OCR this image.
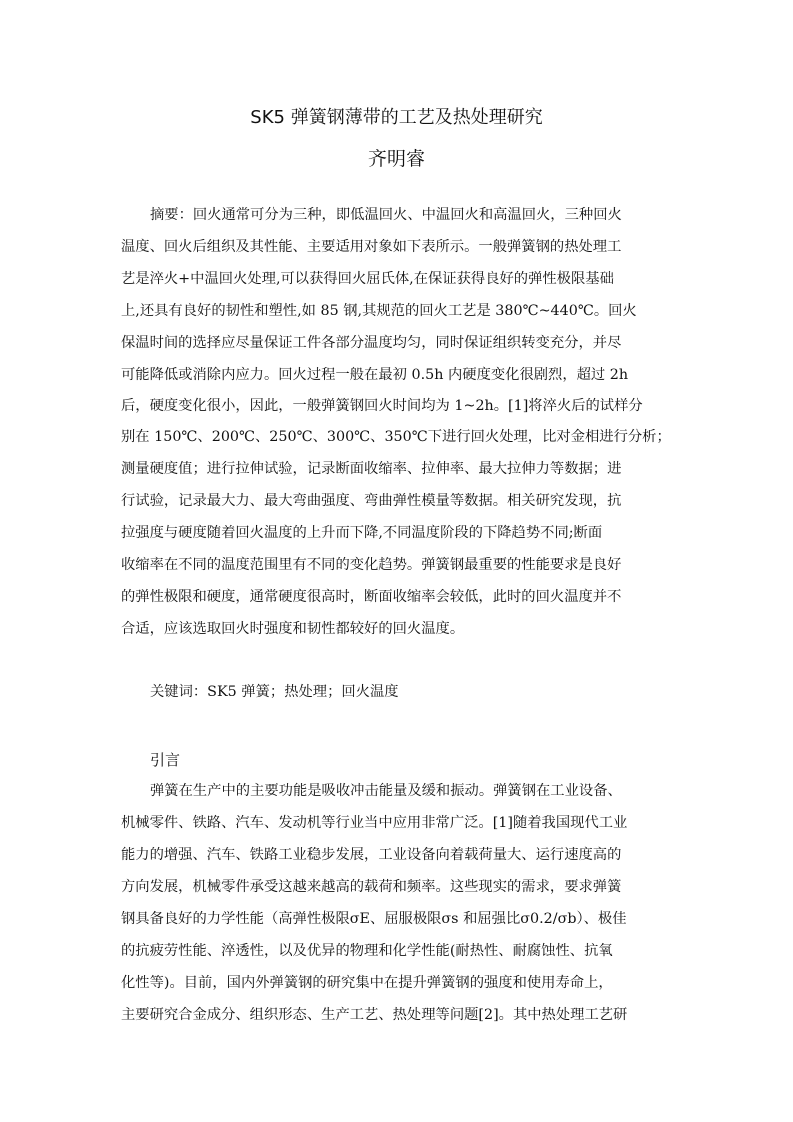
SK5 弹簧钢薄带的工艺及热处理研究
齐明睿
摘要：回火通常可分为三种，即低温回火、中温回火和高温回火，三种回火
温度、回火后组织及其性能、主要适用对象如下表所示。一般弹簧钢的热处理工
艺是淬火+中温回火处理,可以获得回火屈氏体,在保证获得良好的弹性极限基础
上,还具有良好的韧性和塑性,如 85 钢,其规范的回火工艺是 380℃~440℃。回火
保温时间的选择应尽量保证工件各部分温度均匀，同时保证组织转变充分，并尽
可能降低或消除内应力。回火过程一般在最初 0.5h 内硬度变化很剧烈，超过 2h
后，硬度变化很小，因此，一般弹簧钢回火时间均为 1~2h。[1]将淬火后的试样分
别在 150℃、200℃、250℃、300℃、350℃下进行回火处理，比对金相进行分析；
测量硬度值；进行拉伸试验，记录断面收缩率、拉伸率、最大拉伸力等数据；进
行试验，记录最大力、最大弯曲强度、弯曲弹性模量等数据。相关研究发现，抗
拉强度与硬度随着回火温度的上升而下降,不同温度阶段的下降趋势不同;断面
收缩率在不同的温度范围里有不同的变化趋势。弹簧钢最重要的性能要求是良好
的弹性极限和硬度，通常硬度很高时，断面收缩率会较低，此时的回火温度并不
合适，应该选取回火时强度和韧性都较好的回火温度。
关键词：SK5 弹簧；热处理；回火温度
引言
弹簧在生产中的主要功能是吸收冲击能量及缓和振动。弹簧钢在工业设备、
机械零件、铁路、汽车、发动机等行业当中应用非常广泛。[1]随着我国现代工业
能力的增强、汽车、铁路工业稳步发展，工业设备向着载荷量大、运行速度高的
方向发展，机械零件承受这越来越高的载荷和频率。这些现实的需求，要求弹簧
钢具备良好的力学性能（高弹性极限σE、屈服极限σs 和屈强比σ0.2/σb）、极佳
的抗疲劳性能、淬透性，以及优异的物理和化学性能(耐热性、耐腐蚀性、抗氧
化性等)。目前，国内外弹簧钢的研究集中在提升弹簧钢的强度和使用寿命上，
主要研究合金成分、组织形态、生产工艺、热处理等问题[2]。其中热处理工艺研
